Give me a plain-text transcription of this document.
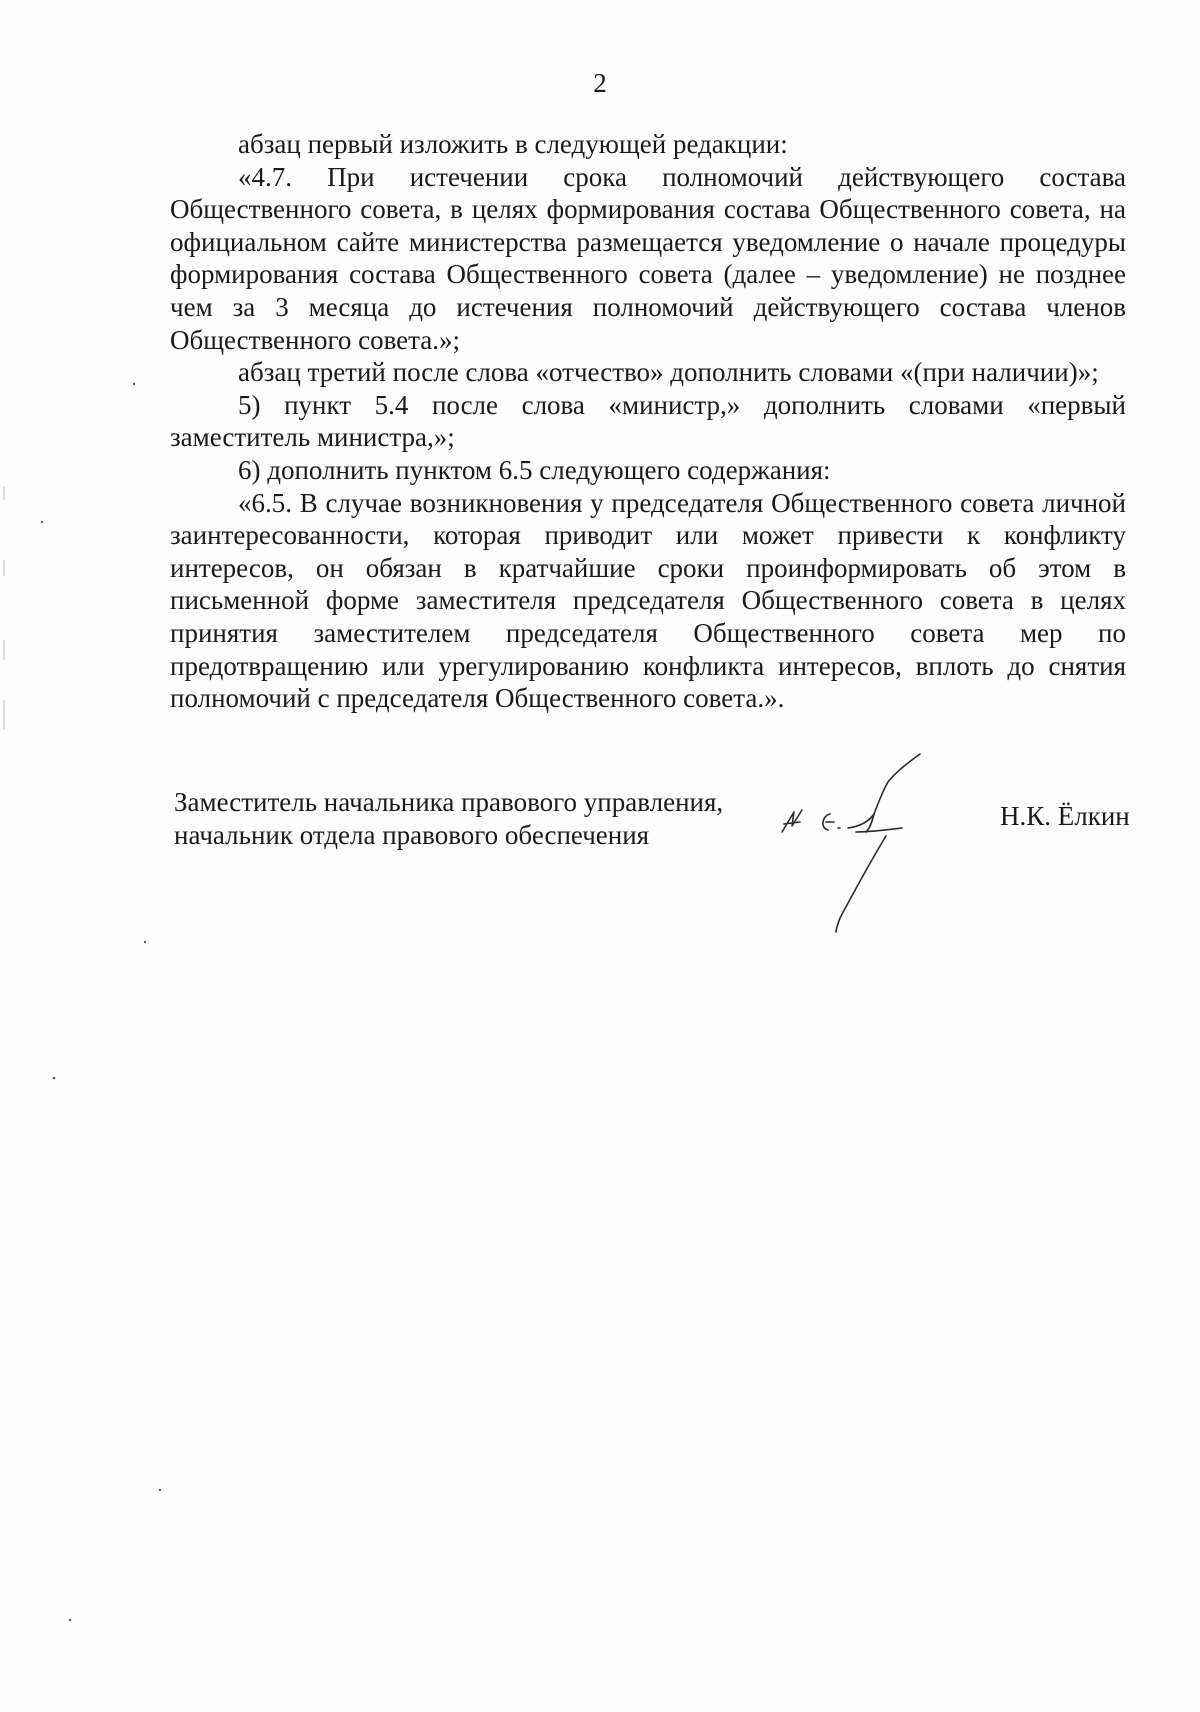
2

абзац первый изложить в следующей редакции:

«4.7. При истечении срока полномочий действующего состава Общественного совета, в целях формирования состава Общественного совета, на официальном сайте министерства размещается уведомление о начале процедуры формирования состава Общественного совета (далее – уведомление) не позднее чем за 3 месяца до истечения полномочий действующего состава членов Общественного совета.»;

абзац третий после слова «отчество» дополнить словами «(при наличии)»;

5) пункт 5.4 после слова «министр,» дополнить словами «первый заместитель министра,»;

6) дополнить пунктом 6.5 следующего содержания:

«6.5. В случае возникновения у председателя Общественного совета личной заинтересованности, которая приводит или может привести к конфликту интересов, он обязан в кратчайшие сроки проинформировать об этом в письменной форме заместителя председателя Общественного совета в целях принятия заместителем председателя Общественного совета мер по предотвращению или урегулированию конфликта интересов, вплоть до снятия полномочий с председателя Общественного совета.».

Заместитель начальника правового управления,
начальник отдела правового обеспечения
Н.К. Ёлкин
